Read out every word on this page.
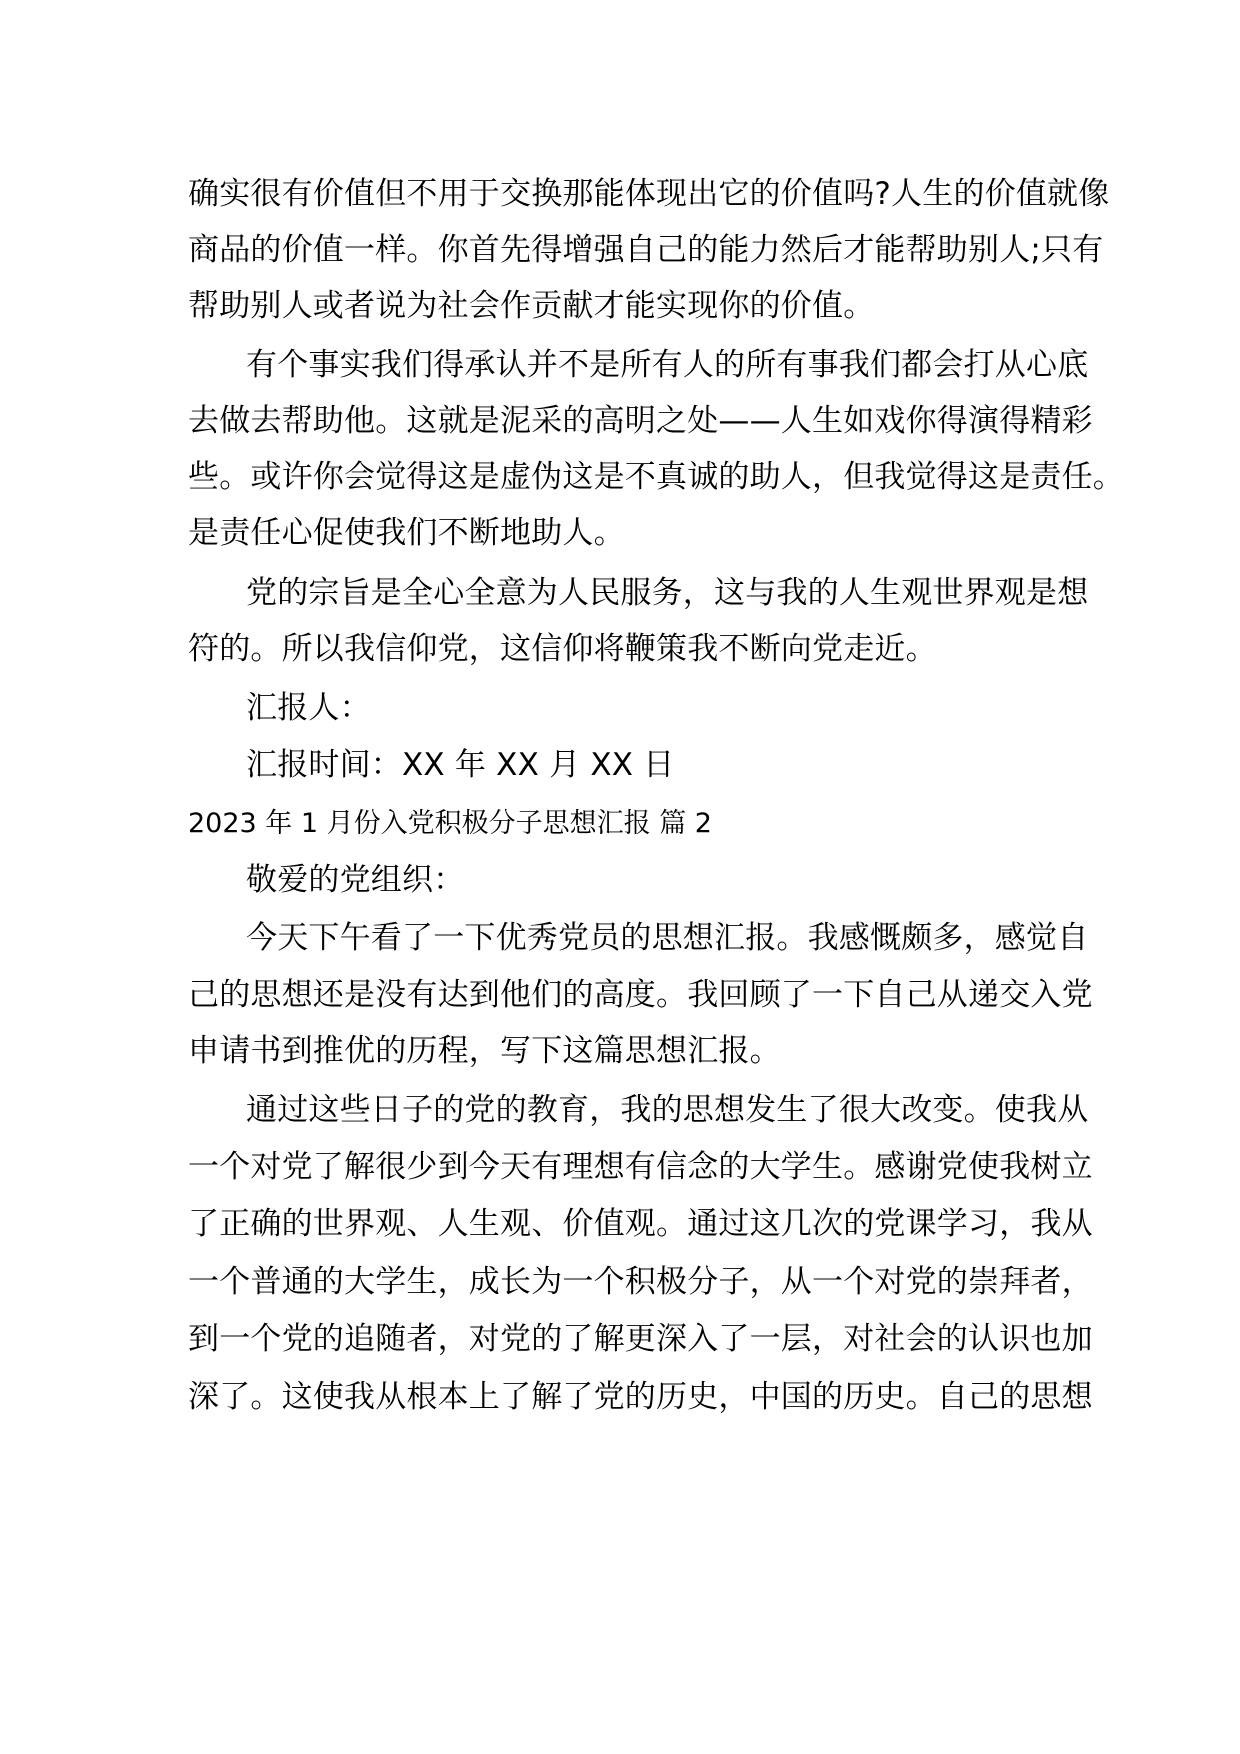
确实很有价值但不用于交换那能体现出它的价值吗?人生的价值就像
商品的价值一样。你首先得增强自己的能力然后才能帮助别人;只有
帮助别人或者说为社会作贡献才能实现你的价值。
有个事实我们得承认并不是所有人的所有事我们都会打从心底
去做去帮助他。这就是泥采的高明之处——人生如戏你得演得精彩
些。或许你会觉得这是虚伪这是不真诚的助人，但我觉得这是责任。
是责任心促使我们不断地助人。
党的宗旨是全心全意为人民服务，这与我的人生观世界观是想
符的。所以我信仰党，这信仰将鞭策我不断向党走近。
汇报人：
汇报时间：XX 年 XX 月 XX 日
2023 年 1 月份入党积极分子思想汇报 篇 2
敬爱的党组织：
今天下午看了一下优秀党员的思想汇报。我感慨颇多，感觉自
己的思想还是没有达到他们的高度。我回顾了一下自己从递交入党
申请书到推优的历程，写下这篇思想汇报。
通过这些日子的党的教育，我的思想发生了很大改变。使我从
一个对党了解很少到今天有理想有信念的大学生。感谢党使我树立
了正确的世界观、人生观、价值观。通过这几次的党课学习，我从
一个普通的大学生，成长为一个积极分子，从一个对党的崇拜者，
到一个党的追随者，对党的了解更深入了一层，对社会的认识也加
深了。这使我从根本上了解了党的历史，中国的历史。自己的思想
